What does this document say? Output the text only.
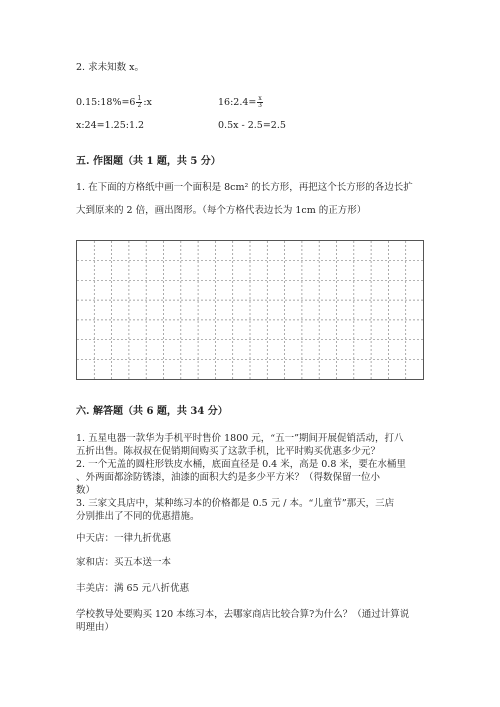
2. 求未知数 x。
0.15:18%=6 $\frac{1}{2}$ :x	16:2.4= $\frac{x}{3}$
x:24=1.25:1.2	0.5x - 2.5=2.5
五. 作图题（共 1 题，共 5 分）
1. 在下面的方格纸中画一个面积是 8cm² 的长方形，再把这个长方形的各边长扩
大到原来的 2 倍，画出图形。（每个方格代表边长为 1cm 的正方形）
六. 解答题（共 6 题，共 34 分）
1. 五星电器一款华为手机平时售价 1800 元，“五一”期间开展促销活动，打八
五折出售。陈叔叔在促销期间购买了这款手机，比平时购买优惠多少元？
2. 一个无盖的圆柱形铁皮水桶，底面直径是 0.4 米，高是 0.8 米，要在水桶里
、外两面都涂防锈漆，油漆的面积大约是多少平方米？（得数保留一位小
数）
3. 三家文具店中，某种练习本的价格都是 0.5 元 / 本。“儿童节”那天，三店
分别推出了不同的优惠措施。
中天店：一律九折优惠
家和店：买五本送一本
丰美店：满 65 元八折优惠
学校教导处要购买 120 本练习本，去哪家商店比较合算?为什么？（通过计算说
明理由）
